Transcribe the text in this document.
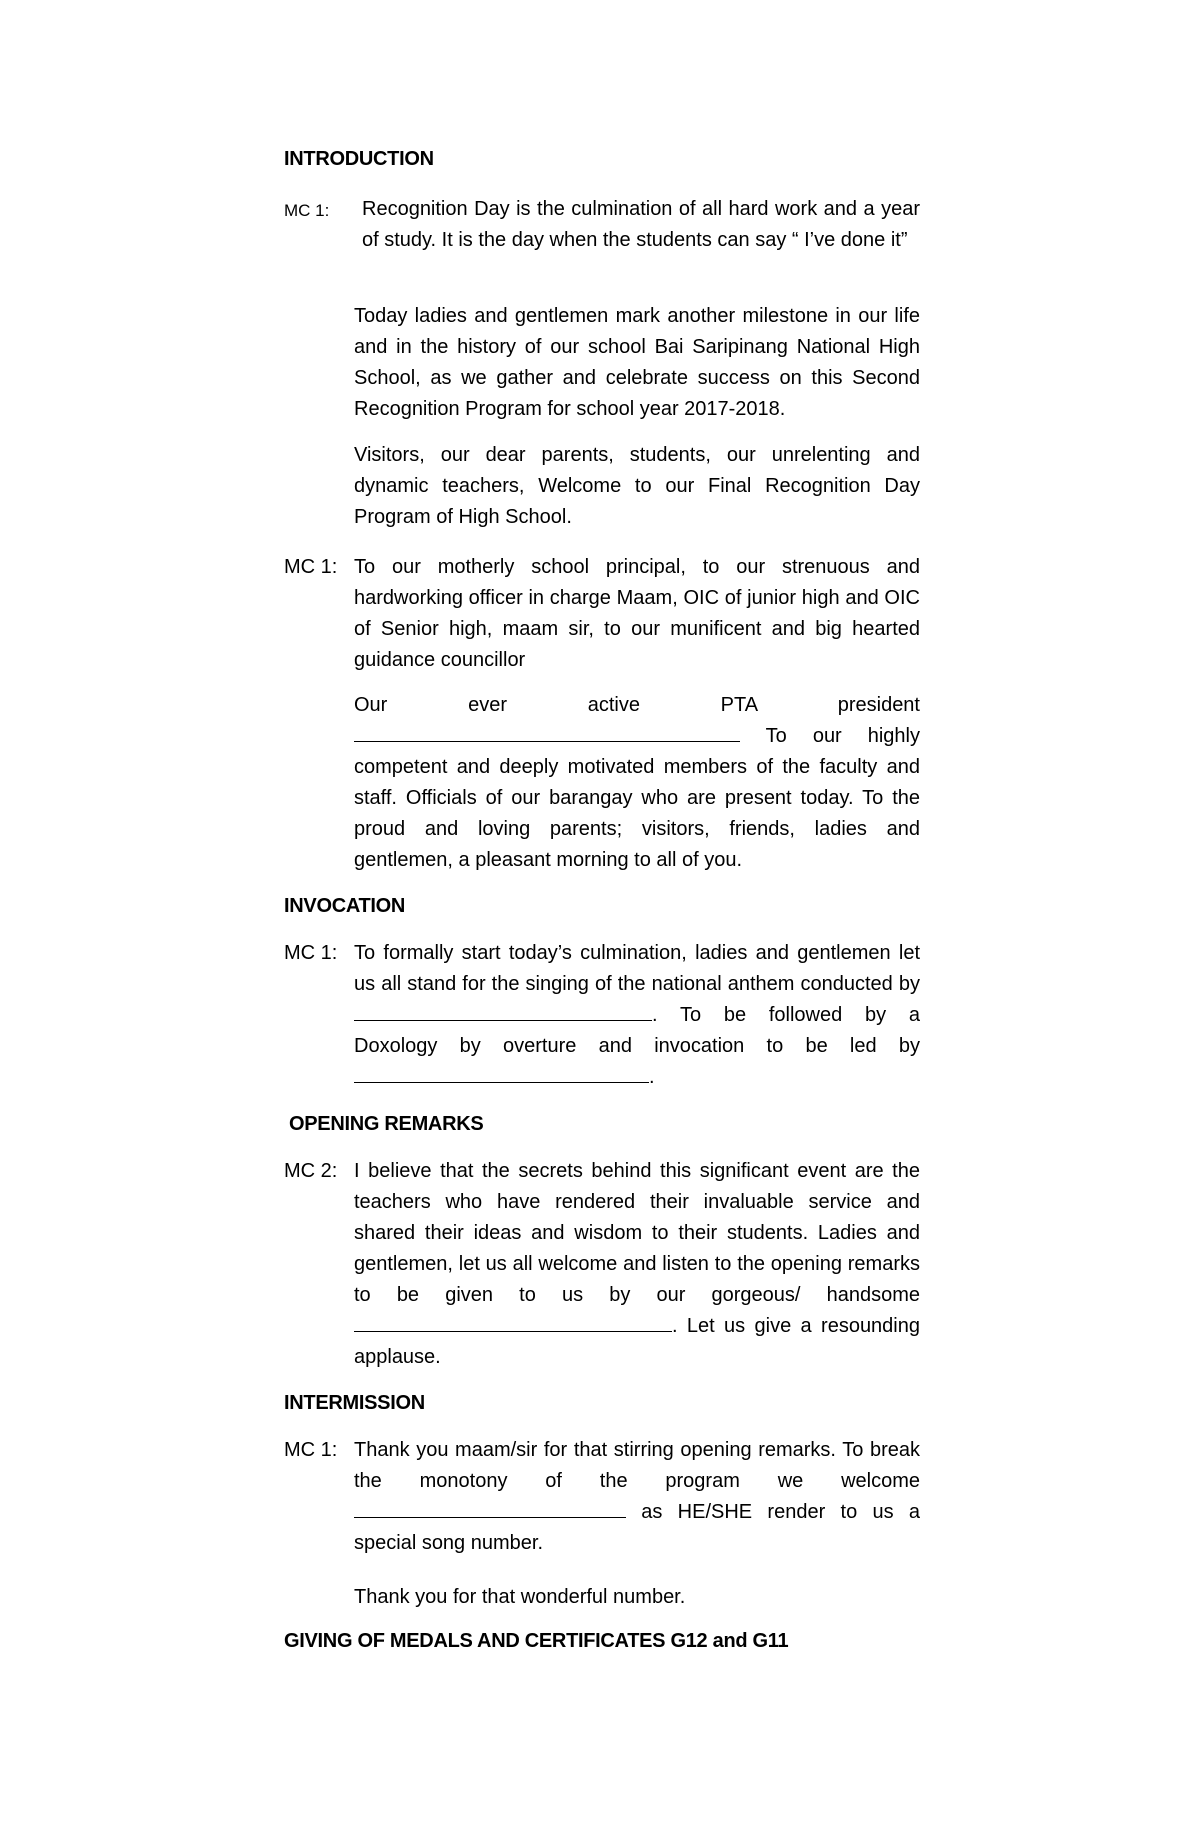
INTRODUCTION
MC 1: Recognition Day is the culmination of all hard work and a year of study. It is the day when the students can say “ I’ve done it”

Today ladies and gentlemen mark another milestone in our life and in the history of our school Bai Saripinang National High School, as we gather and celebrate success on this Second Recognition Program for school year 2017-2018.

Visitors, our dear parents, students, our unrelenting and dynamic teachers, Welcome to our Final Recognition Day Program of High School.

MC 1: To our motherly school principal, to our strenuous and hardworking officer in charge Maam, OIC of junior high and OIC of Senior high, maam sir, to our munificent and big hearted guidance councillor

Our ever active PTA president

To our highly competent and deeply motivated members of the faculty and staff. Officials of our barangay who are present today. To the proud and loving parents; visitors, friends, ladies and gentlemen, a pleasant morning to all of you.

INVOCATION
MC 1: To formally start today’s culmination, ladies and gentlemen let us all stand for the singing of the national anthem conducted by . To be followed by a Doxology by overture and invocation to be led by .

OPENING REMARKS
MC 2: I believe that the secrets behind this significant event are the teachers who have rendered their invaluable service and shared their ideas and wisdom to their students. Ladies and gentlemen, let us all welcome and listen to the opening remarks to be given to us by our gorgeous/ handsome. Let us give a resounding applause.

INTERMISSION
MC 1: Thank you maam/sir for that stirring opening remarks. To break the monotony of the program we welcome  as HE/SHE render to us a special song number.

Thank you for that wonderful number.

GIVING OF MEDALS AND CERTIFICATES G12 and G11
